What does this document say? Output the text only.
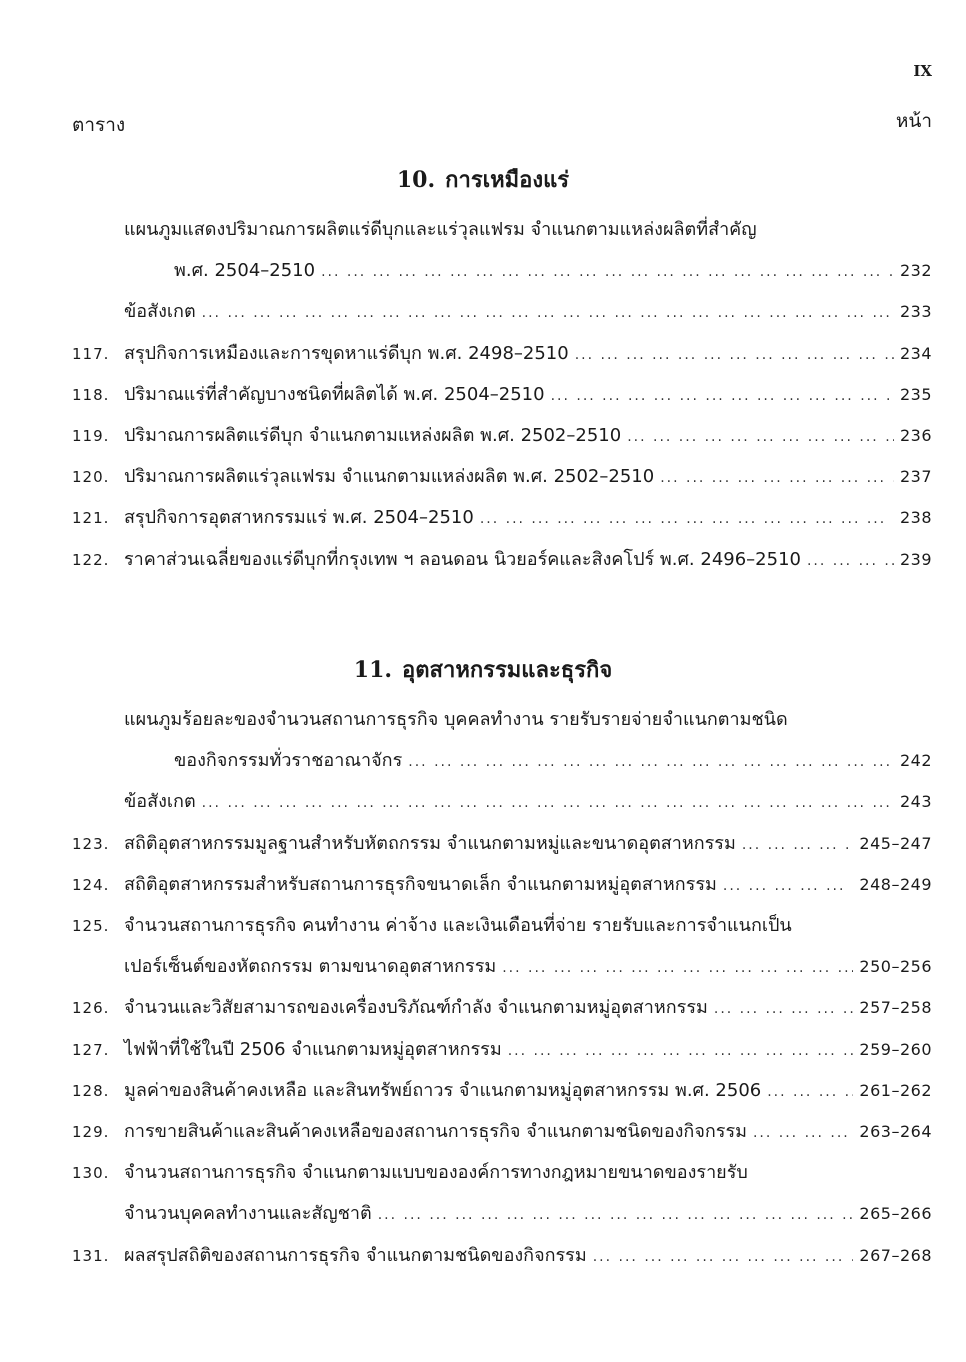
IX
ตาราง	หน้า
10. การเหมืองแร่
แผนภูมแสดงปริมาณการผลิตแร่ดีบุกและแร่วุลแฟรม จำแนกตามแหล่งผลิตที่สำคัญ
พ.ศ. 2504–2510 ... .	232
ข้อสังเกต ... .	233
117. สรุปกิจการเหมืองและการขุดหาแร่ดีบุก พ.ศ. 2498–2510 ... .	234
118. ปริมาณแร่ที่สำคัญบางชนิดที่ผลิตได้ พ.ศ. 2504–2510 ... .	235
119. ปริมาณการผลิตแร่ดีบุก จำแนกตามแหล่งผลิต พ.ศ. 2502–2510 ... .	236
120. ปริมาณการผลิตแร่วุลแฟรม จำแนกตามแหล่งผลิต พ.ศ. 2502–2510 ... .	237
121. สรุปกิจการอุตสาหกรรมแร่ พ.ศ. 2504–2510 ... .	238
122. ราคาส่วนเฉลี่ยของแร่ดีบุกที่กรุงเทพ ฯ ลอนดอน นิวยอร์คและสิงคโปร์ พ.ศ. 2496–2510 ... .	239
11. อุตสาหกรรมและธุรกิจ
แผนภูมร้อยละของจำนวนสถานการธุรกิจ บุคคลทำงาน รายรับรายจ่ายจำแนกตามชนิด
ของกิจกรรมทั่วราชอาณาจักร ... .	242
ข้อสังเกต ... .	243
123. สถิติอุตสาหกรรมมูลฐานสำหรับหัตถกรรม จำแนกตามหมู่และขนาดอุตสาหกรรม ... .	245–247
124. สถิติอุตสาหกรรมสำหรับสถานการธุรกิจขนาดเล็ก จำแนกตามหมู่อุตสาหกรรม ... .	248–249
125. จำนวนสถานการธุรกิจ คนทำงาน ค่าจ้าง และเงินเดือนที่จ่าย รายรับและการจำแนกเป็น
เปอร์เซ็นต์ของหัตถกรรม ตามขนาดอุตสาหกรรม ... .	250–256
126. จำนวนและวิสัยสามารถของเครื่องบริภัณฑ์กำลัง จำแนกตามหมู่อุตสาหกรรม ... .	257–258
127. ไฟฟ้าที่ใช้ในปี 2506 จำแนกตามหมู่อุตสาหกรรม ... .	259–260
128. มูลค่าของสินค้าคงเหลือ และสินทรัพย์ถาวร จำแนกตามหมู่อุตสาหกรรม พ.ศ. 2506 ... .	261–262
129. การขายสินค้าและสินค้าคงเหลือของสถานการธุรกิจ จำแนกตามชนิดของกิจกรรม ... .	263–264
130. จำนวนสถานการธุรกิจ จำแนกตามแบบขององค์การทางกฎหมายขนาดของรายรับ
จำนวนบุคคลทำงานและสัญชาติ ... .	265–266
131. ผลสรุปสถิติของสถานการธุรกิจ จำแนกตามชนิดของกิจกรรม ... .	267–268
